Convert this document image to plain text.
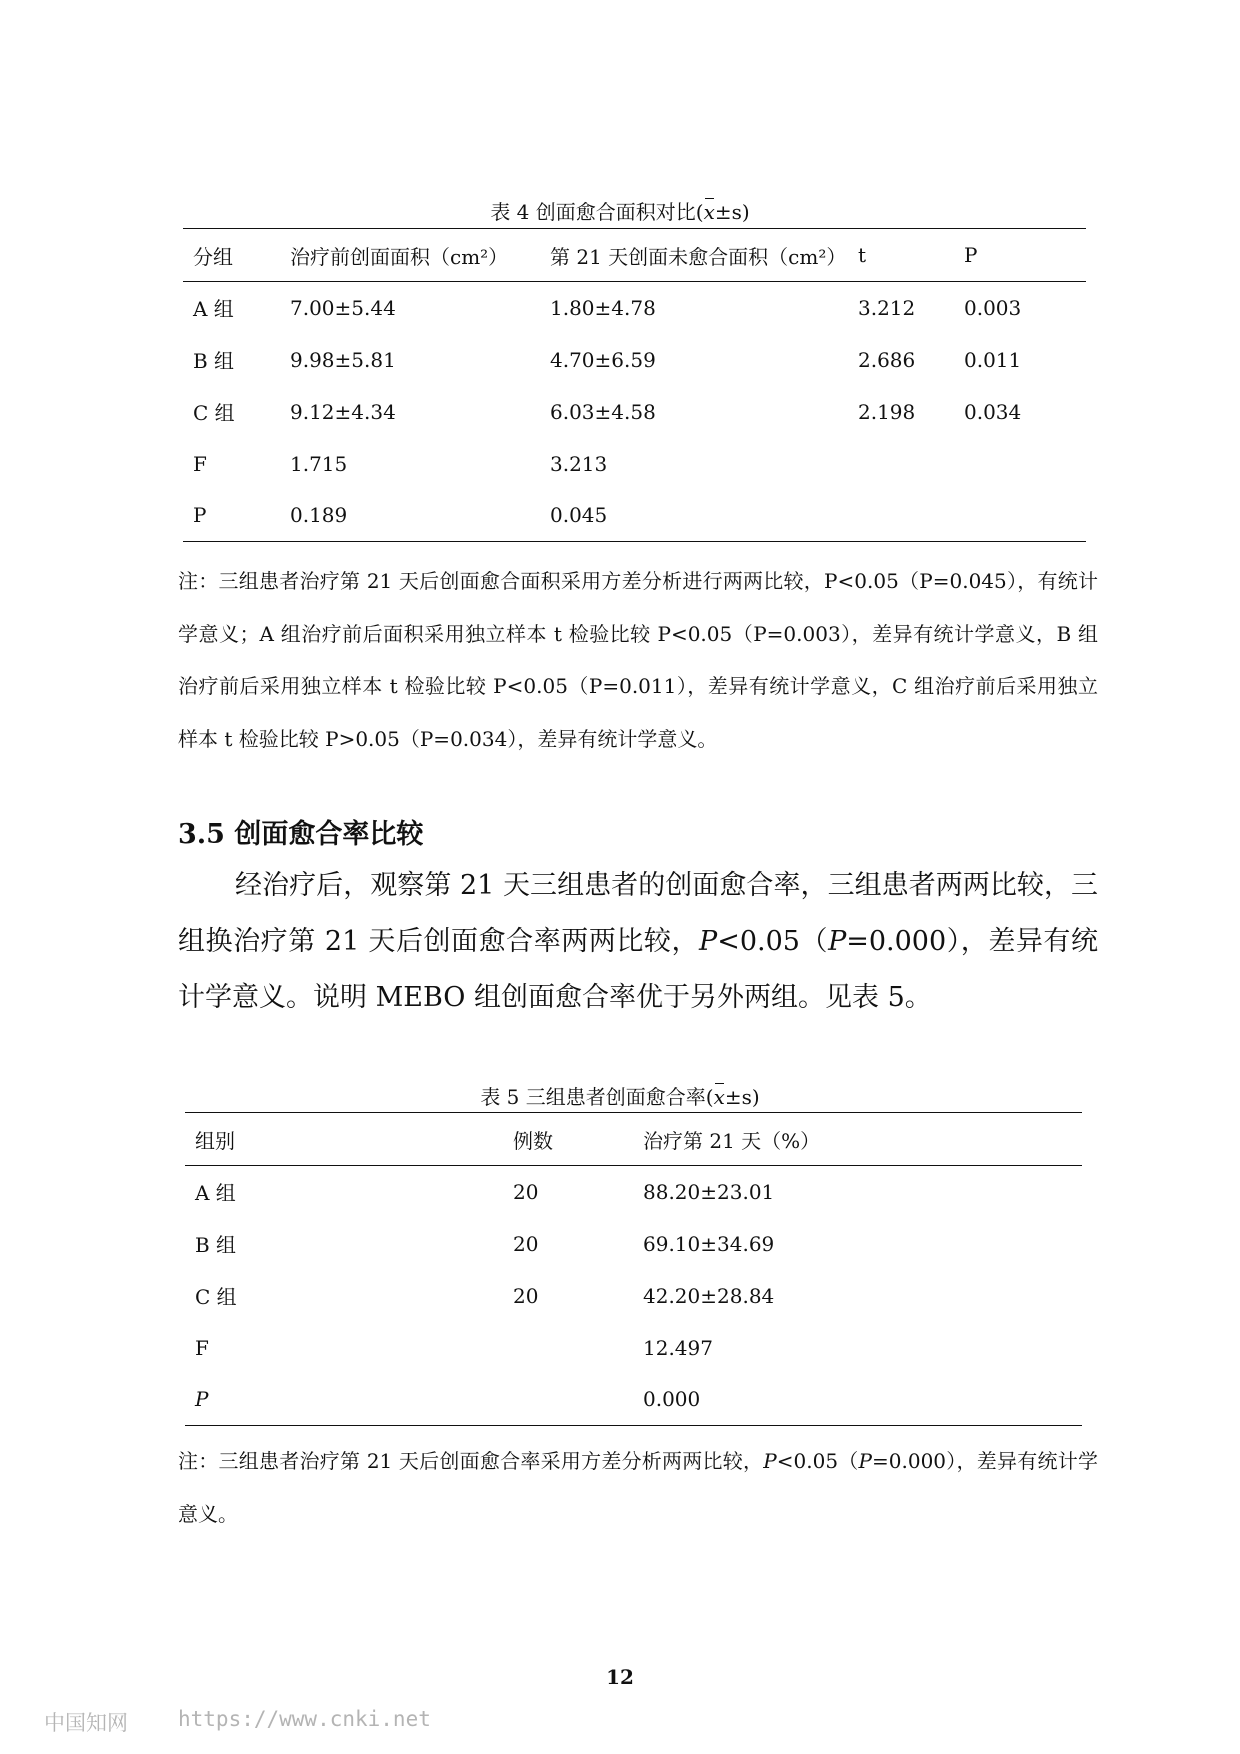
表 4 创面愈合面积对比(x±s)
分组	治疗前创面面积（cm²）	第 21 天创面未愈合面积（cm²）	t	P
A 组	7.00±5.44	1.80±4.78	3.212	0.003
B 组	9.98±5.81	4.70±6.59	2.686	0.011
C 组	9.12±4.34	6.03±4.58	2.198	0.034
F	1.715	3.213		
P	0.189	0.045		

注：三组患者治疗第 21 天后创面愈合面积采用方差分析进行两两比较，P<0.05（P=0.045），有统计学意义；A 组治疗前后面积采用独立样本 t 检验比较 P<0.05（P=0.003），差异有统计学意义，B 组治疗前后采用独立样本 t 检验比较 P<0.05（P=0.011），差异有统计学意义，C 组治疗前后采用独立样本 t 检验比较 P>0.05（P=0.034），差异有统计学意义。

3.5 创面愈合率比较

经治疗后，观察第 21 天三组患者的创面愈合率，三组患者两两比较，三组换治疗第 21 天后创面愈合率两两比较，P<0.05（P=0.000），差异有统计学意义。说明 MEBO 组创面愈合率优于另外两组。见表 5。

表 5 三组患者创面愈合率(x±s)
组别	例数	治疗第 21 天（%）
A 组	20	88.20±23.01
B 组	20	69.10±34.69
C 组	20	42.20±28.84
F		12.497
P		0.000

注：三组患者治疗第 21 天后创面愈合率采用方差分析两两比较，P<0.05（P=0.000），差异有统计学意义。

12
中国知网 https://www.cnki.net
